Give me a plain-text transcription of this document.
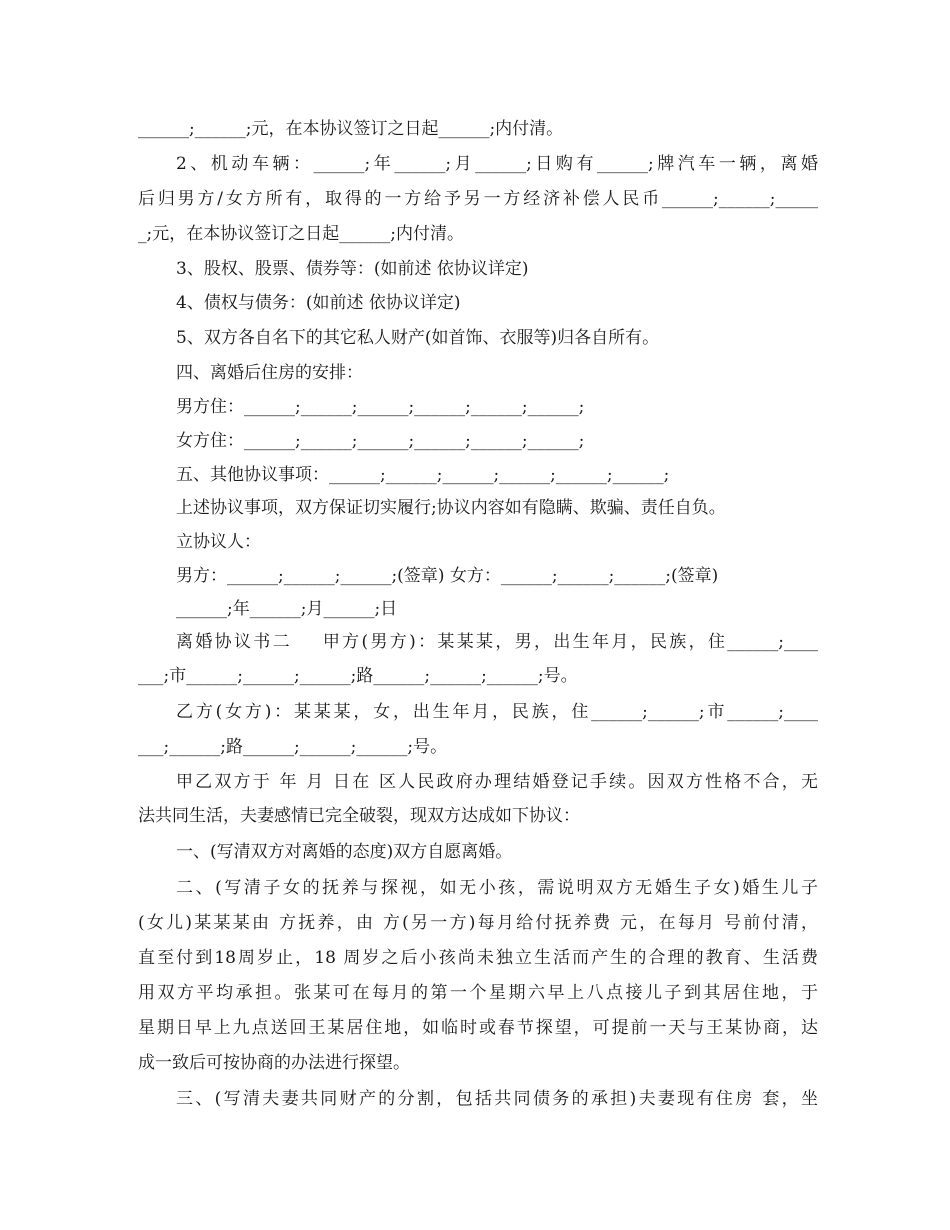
______;______;元，在本协议签订之日起______;内付清。
2、机动车辆：______;年______;月______;日购有______;牌汽车一辆，离婚
后归男方/女方所有，取得的一方给予另一方经济补偿人民币______;______;_____
_;元，在本协议签订之日起______;内付清。
3、股权、股票、债券等：(如前述 依协议详定)
4、债权与债务：(如前述 依协议详定)
5、双方各自名下的其它私人财产(如首饰、衣服等)归各自所有。
四、离婚后住房的安排：
男方住：______;______;______;______;______;______;
女方住：______;______;______;______;______;______;
五、其他协议事项：______;______;______;______;______;______;
上述协议事项，双方保证切实履行;协议内容如有隐瞒、欺骗、责任自负。
立协议人：
男方：______;______;______;(签章) 女方：______;______;______;(签章)
______;年______;月______;日
离婚协议书二    甲方(男方)：某某某，男，出生年月，民族，住______;____
___;市______;______;______;路______;______;______;号。
乙方(女方)：某某某，女，出生年月，民族，住______;______;市______;____
___;______;路______;______;______;号。
甲乙双方于 年 月 日在 区人民政府办理结婚登记手续。因双方性格不合，无
法共同生活，夫妻感情已完全破裂，现双方达成如下协议：
一、(写清双方对离婚的态度)双方自愿离婚。
二、(写清子女的抚养与探视，如无小孩，需说明双方无婚生子女)婚生儿子
(女儿)某某某由 方抚养，由 方(另一方)每月给付抚养费 元，在每月 号前付清，
直至付到18周岁止，18 周岁之后小孩尚未独立生活而产生的合理的教育、生活费
用双方平均承担。张某可在每月的第一个星期六早上八点接儿子到其居住地，于
星期日早上九点送回王某居住地，如临时或春节探望，可提前一天与王某协商，达
成一致后可按协商的办法进行探望。
三、(写清夫妻共同财产的分割，包括共同债务的承担)夫妻现有住房 套，坐
